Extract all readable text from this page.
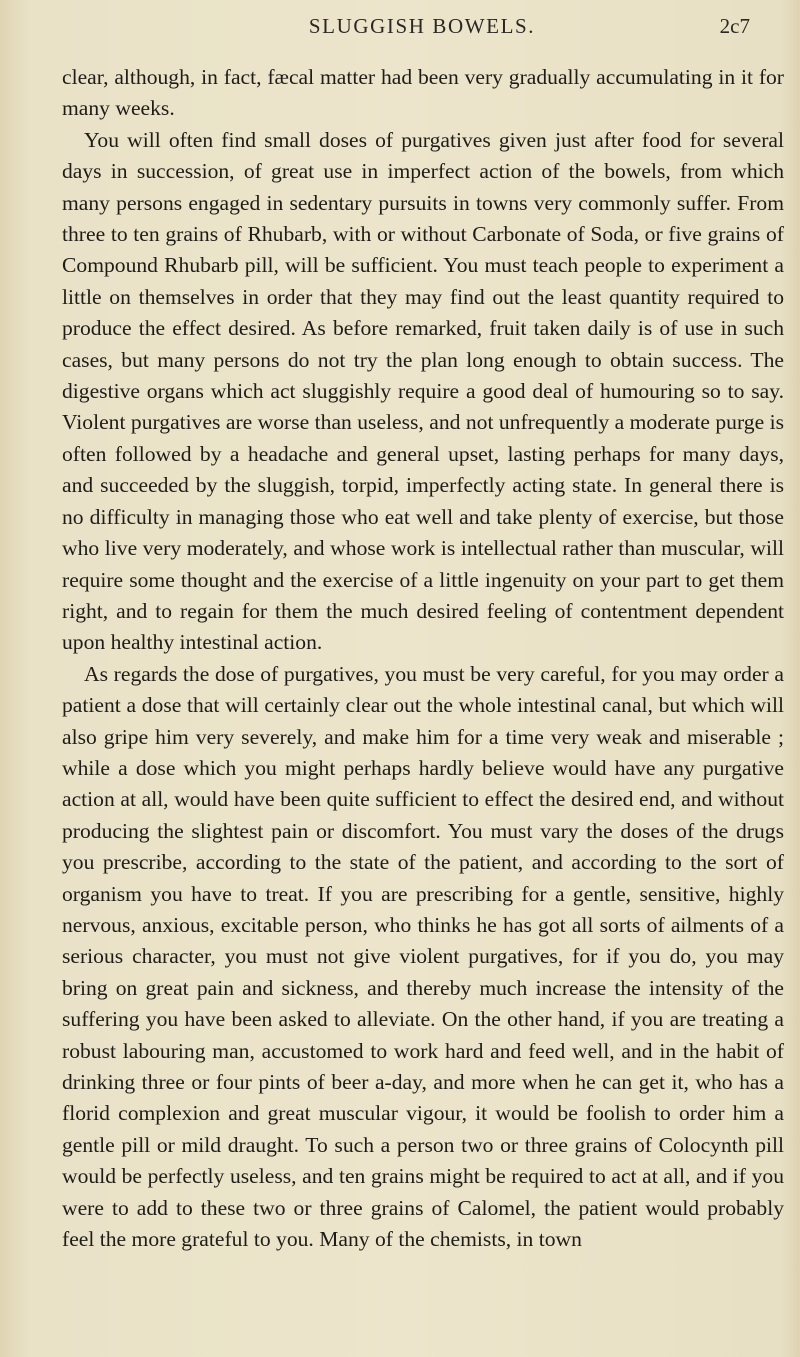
SLUGGISH BOWELS.	2c7

clear, although, in fact, fæcal matter had been very gradually accumulating in it for many weeks.

You will often find small doses of purgatives given just after food for several days in succession, of great use in imperfect action of the bowels, from which many persons engaged in sedentary pursuits in towns very commonly suffer. From three to ten grains of Rhubarb, with or without Carbonate of Soda, or five grains of Compound Rhubarb pill, will be sufficient. You must teach people to experiment a little on themselves in order that they may find out the least quantity required to produce the effect desired. As before remarked, fruit taken daily is of use in such cases, but many persons do not try the plan long enough to obtain success. The digestive organs which act sluggishly require a good deal of humouring so to say. Violent purgatives are worse than useless, and not unfrequently a moderate purge is often followed by a headache and general upset, lasting perhaps for many days, and succeeded by the sluggish, torpid, imperfectly acting state. In general there is no difficulty in managing those who eat well and take plenty of exercise, but those who live very moderately, and whose work is intellectual rather than muscular, will require some thought and the exercise of a little ingenuity on your part to get them right, and to regain for them the much desired feeling of contentment dependent upon healthy intestinal action.

As regards the dose of purgatives, you must be very careful, for you may order a patient a dose that will certainly clear out the whole intestinal canal, but which will also gripe him very severely, and make him for a time very weak and miserable ; while a dose which you might perhaps hardly believe would have any purgative action at all, would have been quite sufficient to effect the desired end, and without producing the slightest pain or discomfort. You must vary the doses of the drugs you prescribe, according to the state of the patient, and according to the sort of organism you have to treat. If you are prescribing for a gentle, sensitive, highly nervous, anxious, excitable person, who thinks he has got all sorts of ailments of a serious character, you must not give violent purgatives, for if you do, you may bring on great pain and sickness, and thereby much increase the intensity of the suffering you have been asked to alleviate. On the other hand, if you are treating a robust labouring man, accustomed to work hard and feed well, and in the habit of drinking three or four pints of beer a-day, and more when he can get it, who has a florid complexion and great muscular vigour, it would be foolish to order him a gentle pill or mild draught. To such a person two or three grains of Colocynth pill would be perfectly useless, and ten grains might be required to act at all, and if you were to add to these two or three grains of Calomel, the patient would probably feel the more grateful to you. Many of the chemists, in town
